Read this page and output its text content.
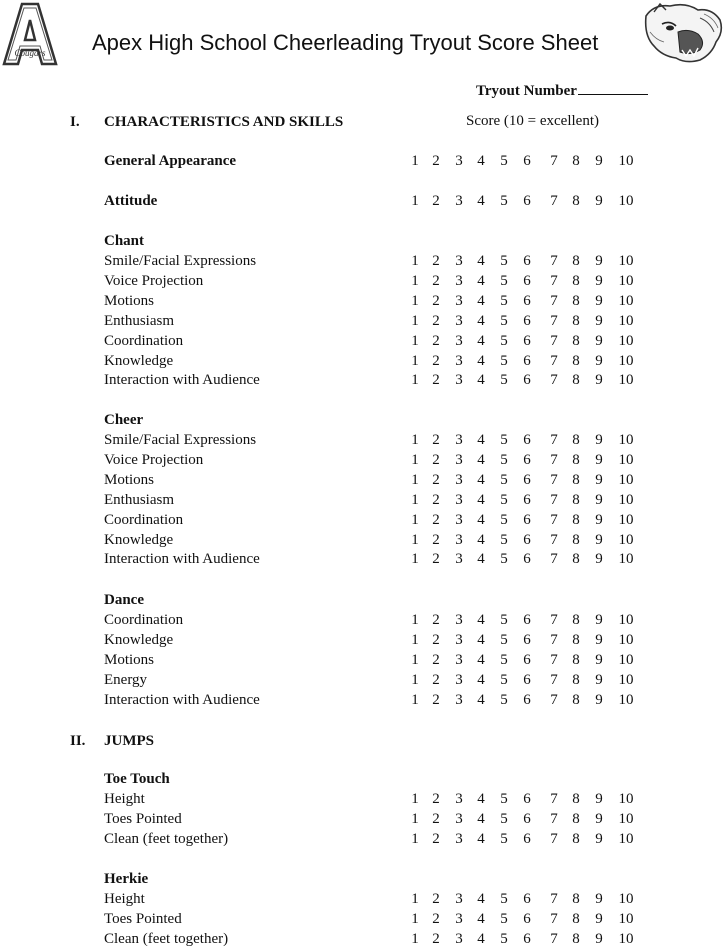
Cougars Apex High School Cheerleading Tryout Score Sheet
Tryout Number
I. CHARACTERISTICS AND SKILLS	Score (10 = excellent)
II. JUMPS
Chant
Cheer
Dance
Toe Touch
Herkie
General Appearance	1 2	3 4	5	6	7 8	9	10
Attitude	1 2	3 4	5	6	7 8	9	10
Smile/Facial Expressions	1 2	3 4	5	6	7 8	9	10
Voice Projection	1 2	3 4	5	6	7 8	9	10
Motions	1 2	3 4	5	6	7 8	9	10
Enthusiasm	1 2	3 4	5	6	7 8	9	10
Coordination	1 2	3 4	5	6	7 8	9	10
Knowledge	1 2	3 4	5	6	7 8	9	10
Interaction with Audience	1 2	3 4	5	6	7 8	9	10
Smile/Facial Expressions	1 2	3 4	5	6	7 8	9	10
Voice Projection	1 2	3 4	5	6	7 8	9	10
Motions	1 2	3 4	5	6	7 8	9	10
Enthusiasm	1 2	3 4	5	6	7 8	9	10
Coordination	1 2	3 4	5	6	7 8	9	10
Knowledge	1 2	3 4	5	6	7 8	9	10
Interaction with Audience	1 2	3 4	5	6	7 8	9	10
Coordination	1 2	3 4	5	6	7 8	9	10
Knowledge	1 2	3 4	5	6	7 8	9	10
Motions	1 2	3 4	5	6	7 8	9	10
Energy	1 2	3 4	5	6	7 8	9	10
Interaction with Audience	1 2	3 4	5	6	7 8	9	10
Height	1 2	3 4	5	6	7 8	9	10
Toes Pointed	1 2	3 4	5	6	7 8	9	10
Clean (feet together)	1 2	3 4	5	6	7 8	9	10
Height	1 2	3 4	5	6	7 8	9	10
Toes Pointed	1 2	3 4	5	6	7 8	9	10
Clean (feet together)	1 2	3 4	5	6	7 8	9	10
